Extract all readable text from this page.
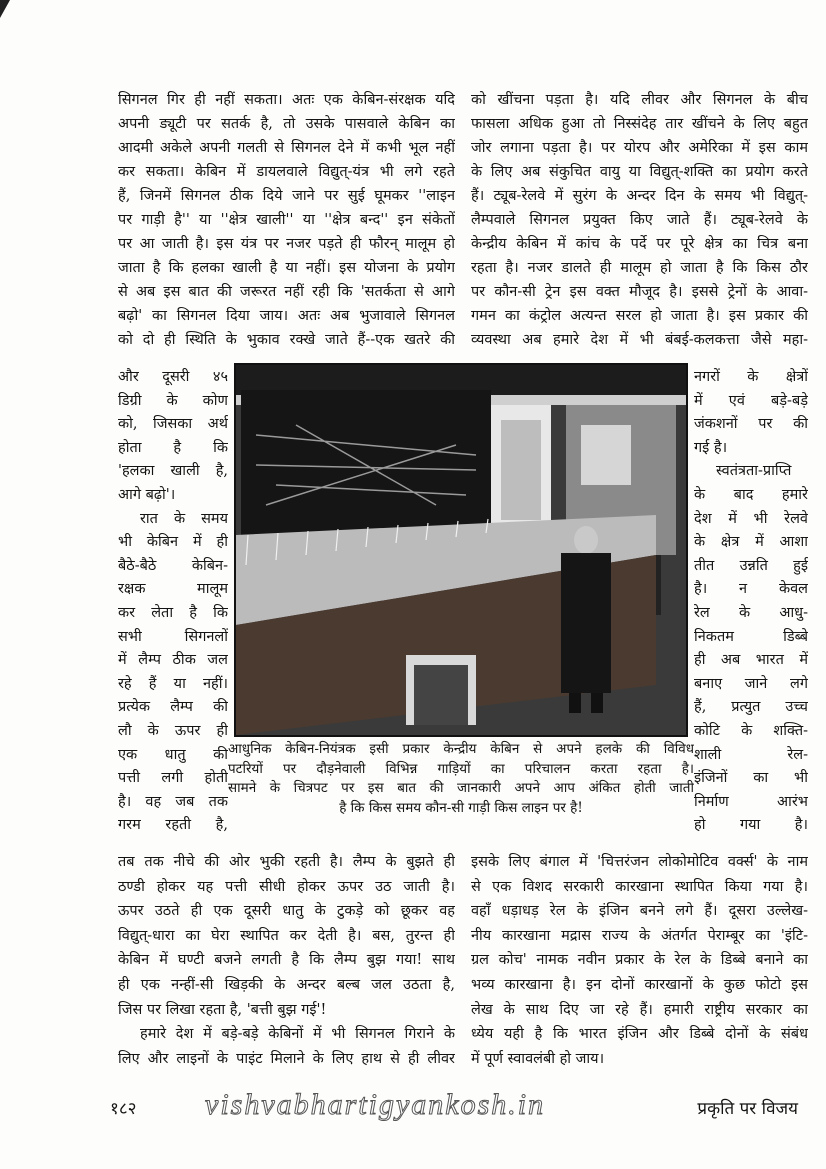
सिगनल गिर ही नहीं सकता। अतः एक केबिन-संरक्षक यदि
अपनी ड्यूटी पर सतर्क है, तो उसके पासवाले केबिन का
आदमी अकेले अपनी गलती से सिगनल देने में कभी भूल नहीं
कर सकता। केबिन में डायलवाले विद्युत्-यंत्र भी लगे रहते
हैं, जिनमें सिगनल ठीक दिये जाने पर सुई घूमकर ''लाइन
पर गाड़ी है'' या ''क्षेत्र खाली'' या ''क्षेत्र बन्द'' इन संकेतों
पर आ जाती है। इस यंत्र पर नजर पड़ते ही फौरन् मालूम हो
जाता है कि हलका खाली है या नहीं। इस योजना के प्रयोग
से अब इस बात की जरूरत नहीं रही कि 'सतर्कता से आगे
बढ़ो' का सिगनल दिया जाय। अतः अब भुजावाले सिगनल
को दो ही स्थिति के भुकाव रक्खे जाते हैं--एक खतरे की
को खींचना पड़ता है। यदि लीवर और सिगनल के बीच
फासला अधिक हुआ तो निस्संदेह तार खींचने के लिए बहुत
जोर लगाना पड़ता है। पर योरप और अमेरिका में इस काम
के लिए अब संकुचित वायु या विद्युत्-शक्ति का प्रयोग करते
हैं। ट्यूब-रेलवे में सुरंग के अन्दर दिन के समय भी विद्युत्-
लैम्पवाले सिगनल प्रयुक्त किए जाते हैं। ट्यूब-रेलवे के
केन्द्रीय केबिन में कांच के पर्दे पर पूरे क्षेत्र का चित्र बना
रहता है। नजर डालते ही मालूम हो जाता है कि किस ठौर
पर कौन-सी ट्रेन इस वक्त मौजूद है। इससे ट्रेनों के आवा-
गमन का कंट्रोल अत्यन्त सरल हो जाता है। इस प्रकार की
व्यवस्था अब हमारे देश में भी बंबई-कलकत्ता जैसे महा-
और दूसरी ४५
डिग्री के कोण
को, जिसका अर्थ
होता है कि
'हलका खाली है,
आगे बढ़ो'।
रात के समय
भी केबिन में ही
बैठे-बैठे केबिन-
रक्षक मालूम
कर लेता है कि
सभी सिगनलों
में लैम्प ठीक जल
रहे हैं या नहीं।
प्रत्येक लैम्प की
लौ के ऊपर ही
एक धातु की
पत्ती लगी होती
है। वह जब तक
गरम रहती है,
नगरों के क्षेत्रों
में एवं बड़े-बड़े
जंकशनों पर की
गई है।
स्वतंत्रता-प्राप्ति
के बाद हमारे
देश में भी रेलवे
के क्षेत्र में आशा
तीत उन्नति हुई
है। न केवल
रेल के आधु-
निकतम डिब्बे
ही अब भारत में
बनाए जाने लगे
हैं, प्रत्युत उच्च
कोटि के शक्ति-
शाली रेल-
इंजिनों का भी
निर्माण आरंभ
हो गया है।
आधुनिक केबिन-नियंत्रक इसी प्रकार केन्द्रीय केबिन से अपने हलके की विविध
पटरियों पर दौड़नेवाली विभिन्न गाड़ियों का परिचालन करता रहता है।
सामने के चित्रपट पर इस बात की जानकारी अपने आप अंकित होती जाती
है कि किस समय कौन-सी गाड़ी किस लाइन पर है!
तब तक नीचे की ओर भुकी रहती है। लैम्प के बुझते ही
ठण्डी होकर यह पत्ती सीधी होकर ऊपर उठ जाती है।
ऊपर उठते ही एक दूसरी धातु के टुकड़े को छूकर वह
विद्युत्-धारा का घेरा स्थापित कर देती है। बस, तुरन्त ही
केबिन में घण्टी बजने लगती है कि लैम्प बुझ गया! साथ
ही एक नन्हीं-सी खिड़की के अन्दर बल्ब जल उठता है,
जिस पर लिखा रहता है, 'बत्ती बुझ गई'!
हमारे देश में बड़े-बड़े केबिनों में भी सिगनल गिराने के
लिए और लाइनों के पाइंट मिलाने के लिए हाथ से ही लीवर
इसके लिए बंगाल में 'चित्तरंजन लोकोमोटिव वर्क्स' के नाम
से एक विशद सरकारी कारखाना स्थापित किया गया है।
वहाँ धड़ाधड़ रेल के इंजिन बनने लगे हैं। दूसरा उल्लेख-
नीय कारखाना मद्रास राज्य के अंतर्गत पेराम्बूर का 'इंटि-
ग्रल कोच' नामक नवीन प्रकार के रेल के डिब्बे बनाने का
भव्य कारखाना है। इन दोनों कारखानों के कुछ फोटो इस
लेख के साथ दिए जा रहे हैं। हमारी राष्ट्रीय सरकार का
ध्येय यही है कि भारत इंजिन और डिब्बे दोनों के संबंध
में पूर्ण स्वावलंबी हो जाय।
१८२ vishvabhartigyankosh.in	प्रकृति पर विजय
